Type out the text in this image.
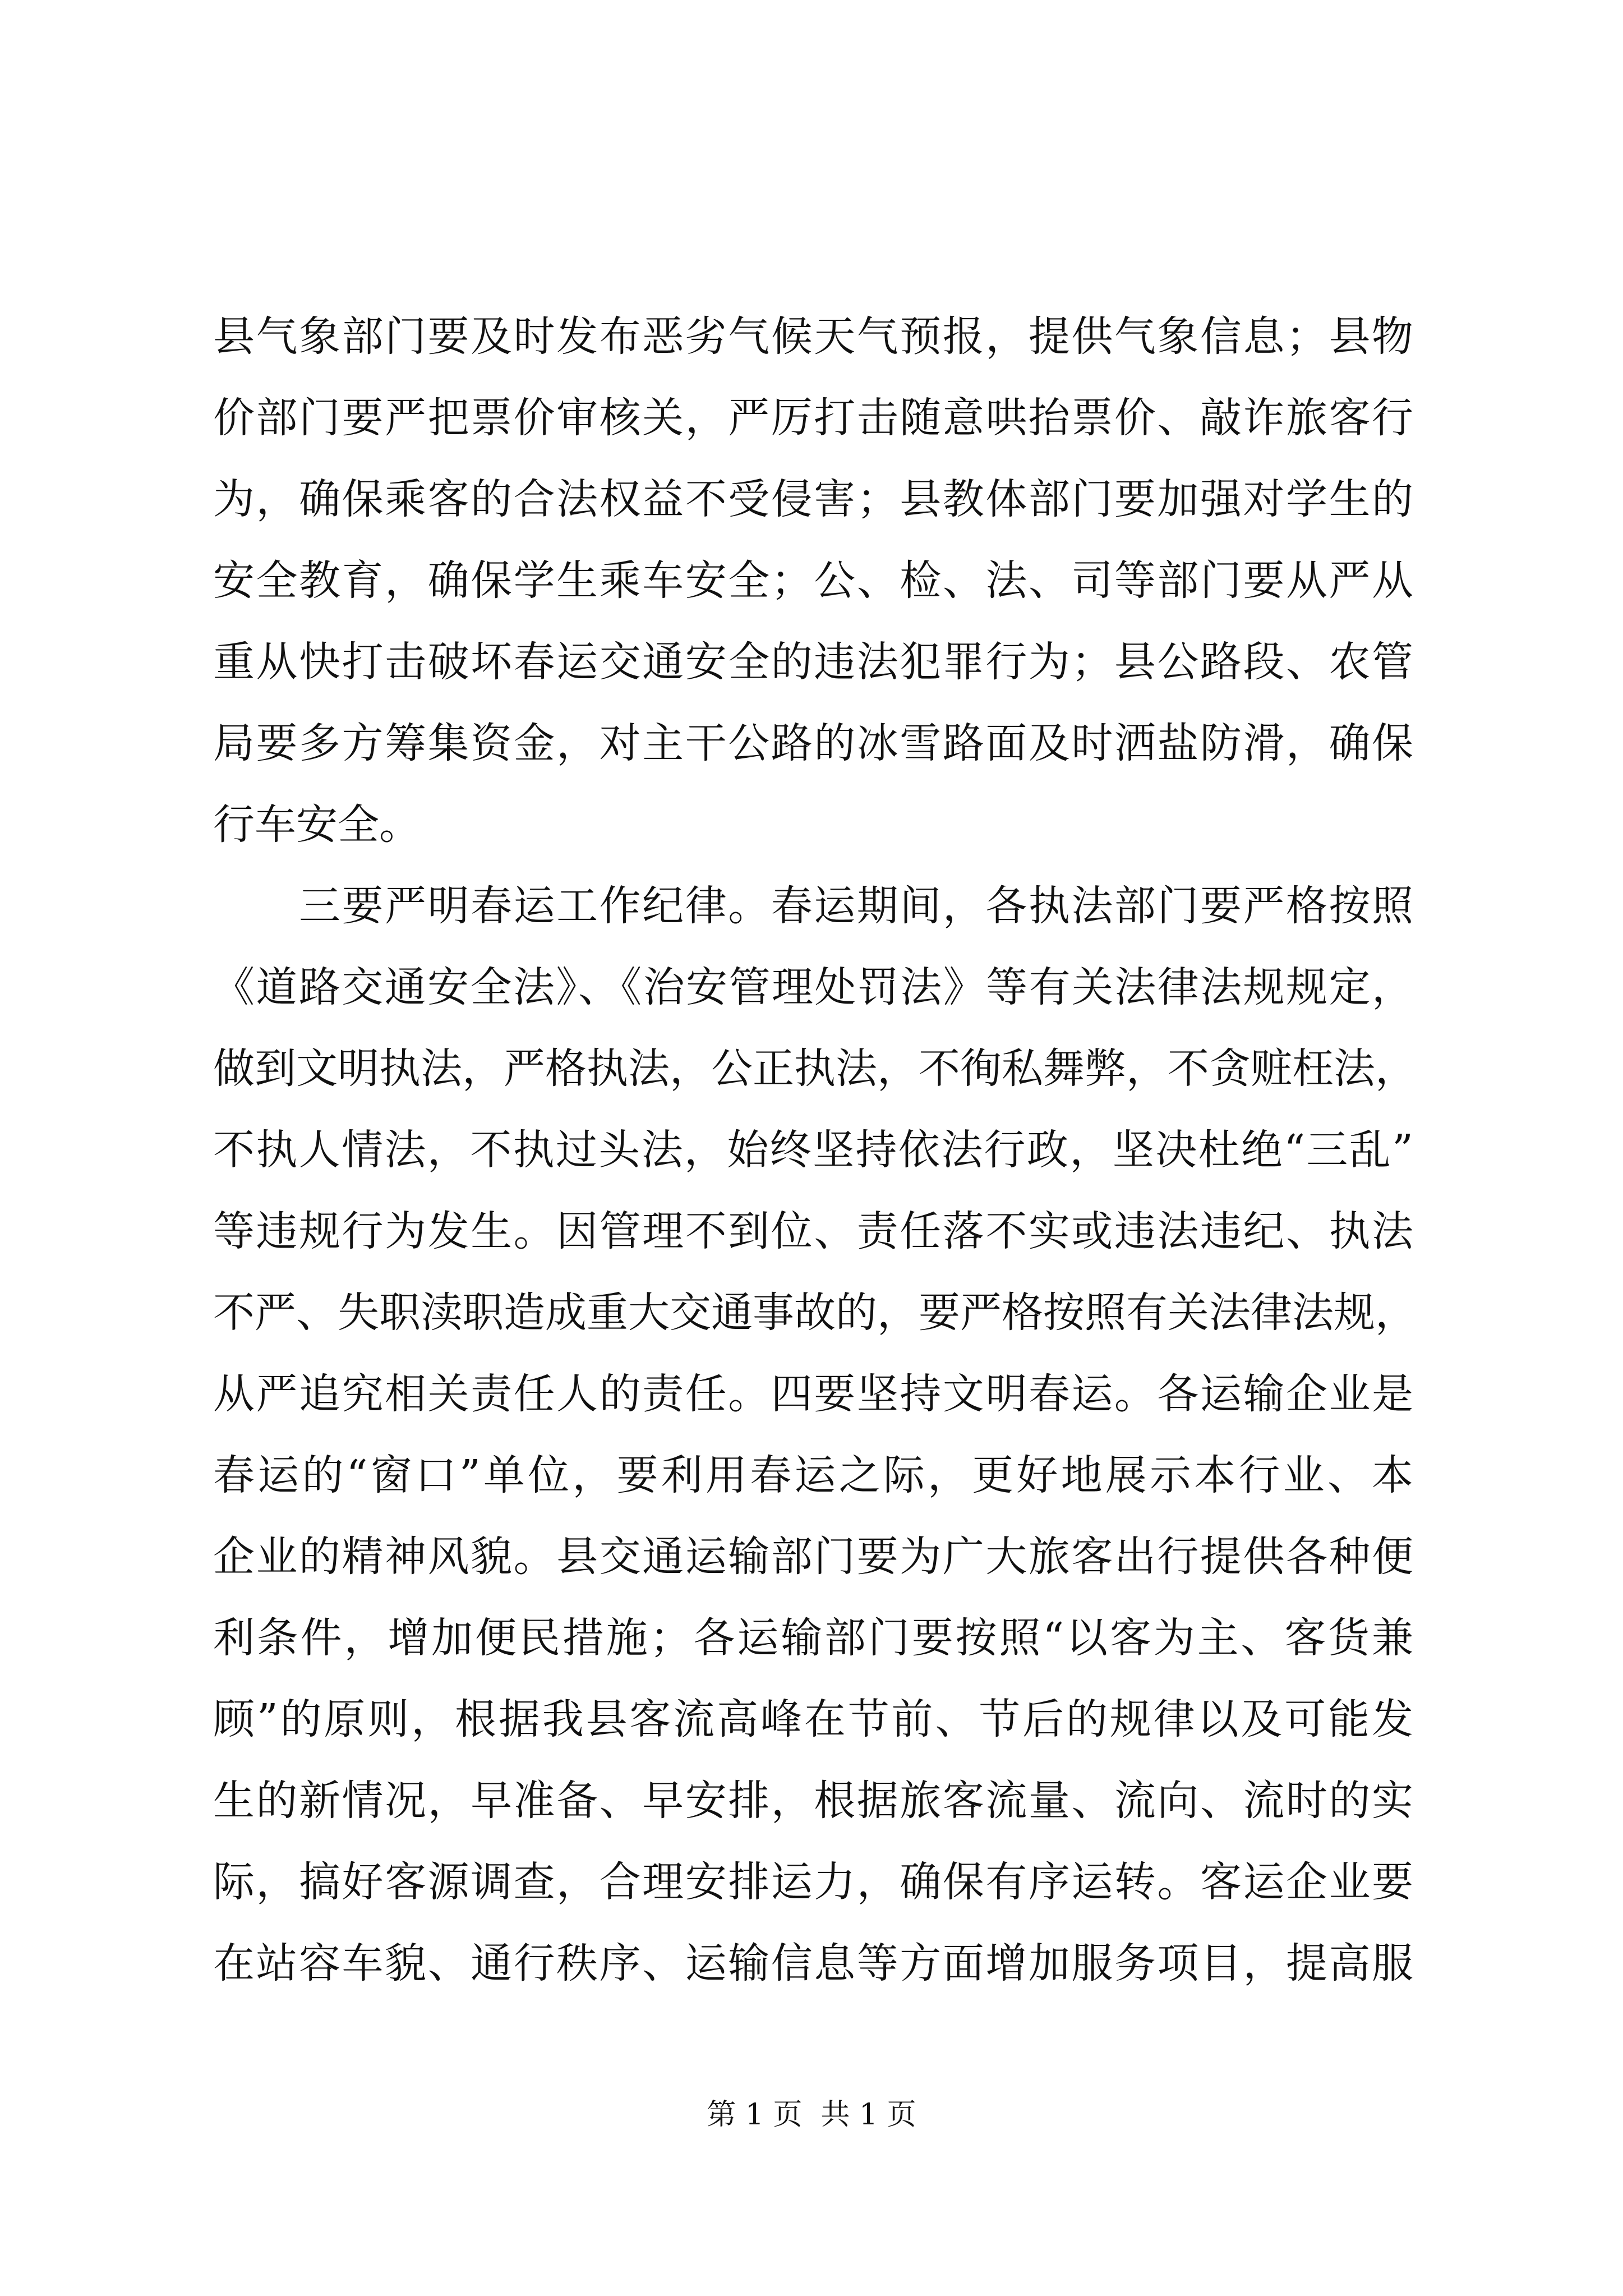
县气象部门要及时发布恶劣气候天气预报，提供气象信息；县物
价部门要严把票价审核关，严厉打击随意哄抬票价、敲诈旅客行
为，确保乘客的合法权益不受侵害；县教体部门要加强对学生的
安全教育，确保学生乘车安全；公、检、法、司等部门要从严从
重从快打击破坏春运交通安全的违法犯罪行为；县公路段、农管
局要多方筹集资金，对主干公路的冰雪路面及时洒盐防滑，确保
行车安全。
　　三要严明春运工作纪律。春运期间，各执法部门要严格按照
《道路交通安全法》、《治安管理处罚法》等有关法律法规规定，
做到文明执法，严格执法，公正执法，不徇私舞弊，不贪赃枉法，
不执人情法，不执过头法，始终坚持依法行政，坚决杜绝“三乱”
等违规行为发生。因管理不到位、责任落不实或违法违纪、执法
不严、失职渎职造成重大交通事故的，要严格按照有关法律法规，
从严追究相关责任人的责任。四要坚持文明春运。各运输企业是
春运的“窗口”单位，要利用春运之际，更好地展示本行业、本
企业的精神风貌。县交通运输部门要为广大旅客出行提供各种便
利条件，增加便民措施；各运输部门要按照“以客为主、客货兼
顾”的原则，根据我县客流高峰在节前、节后的规律以及可能发
生的新情况，早准备、早安排，根据旅客流量、流向、流时的实
际，搞好客源调查，合理安排运力，确保有序运转。客运企业要
在站容车貌、通行秩序、运输信息等方面增加服务项目，提高服
第 1 页  共 1 页
